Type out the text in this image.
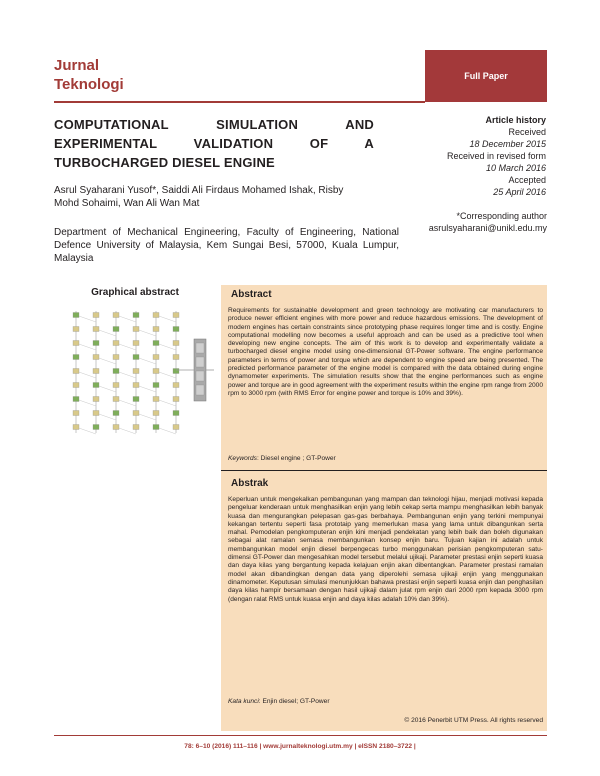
Jurnal
Teknologi	Full Paper
COMPUTATIONAL SIMULATION AND
EXPERIMENTAL VALIDATION OF A
TURBOCHARGED DIESEL ENGINE
Article history
Received
18 December 2015
Received in revised form
10 March 2016
Accepted
25 April 2016
Asrul Syaharani Yusof*, Saiddi Ali Firdaus Mohamed Ishak, Risby
Mohd Sohaimi, Wan Ali Wan Mat
Department of Mechanical Engineering, Faculty of Engineering, National Defence University of Malaysia, Kem Sungai Besi, 57000, Kuala Lumpur, Malaysia
*Corresponding author
asrulsyaharani@unikl.edu.my
Graphical abstract	Abstract
Requirements for sustainable development and green technology are motivating car manufacturers to produce newer efficient engines with more power and reduce hazardous emissions. The development of modern engines has certain constraints since prototyping phase requires longer time and is costly. Engine computational modelling now becomes a useful approach and can be used as a predictive tool when developing new engine concepts. The aim of this work is to develop and experimentally validate a turbocharged diesel engine model using one-dimensional GT-Power software. The engine performance parameters in terms of power and torque which are dependent to engine speed are being presented. The predicted performance parameter of the engine model is compared with the data obtained during engine dynamometer experiments. The simulation results show that the engine performances such as engine power and torque are in good agreement with the experiment results within the engine rpm range from 2000 rpm to 3000 rpm (with RMS Error for engine power and torque is 10% and 39%).
Keywords: Diesel engine ; GT-Power
Abstrak
Keperluan untuk mengekalkan pembangunan yang mampan dan teknologi hijau, menjadi motivasi kepada pengeluar kenderaan untuk menghasilkan enjin yang lebih cekap serta mampu menghasilkan lebih banyak kuasa dan mengurangkan pelepasan gas-gas berbahaya. Pembangunan enjin yang terkini mempunyai kekangan tertentu seperti fasa prototaip yang memerlukan masa yang lama untuk dibangunkan serta mahal. Pemodelan pengkomputeran enjin kini menjadi pendekatan yang lebih baik dan boleh digunakan sebagai alat ramalan semasa membangunkan konsep enjin baru. Tujuan kajian ini adalah untuk membangunkan model enjin diesel berpengecas turbo menggunakan perisian pengkomputeran satu-dimensi GT-Power dan mengesahkan model tersebut melalui ujikaji. Parameter prestasi enjin seperti kuasa dan daya kilas yang bergantung kepada kelajuan enjin akan dibentangkan. Parameter prestasi ramalan model akan dibandingkan dengan data yang diperolehi semasa ujikaji enjin yang menggunakan dinamometer. Keputusan simulasi menunjukkan bahawa prestasi enjin seperti kuasa enjin dan penghasilan daya kilas hampir bersamaan dengan hasil ujikaji dalam julat rpm enjin dari 2000 rpm kepada 3000 rpm (dengan ralat RMS untuk kuasa enjin and daya kilas adalah 10% dan 39%).
Kata kunci: Enjin diesel; GT-Power
© 2016 Penerbit UTM Press. All rights reserved
78: 6–10 (2016) 111–116 | www.jurnalteknologi.utm.my | eISSN 2180–3722 |
